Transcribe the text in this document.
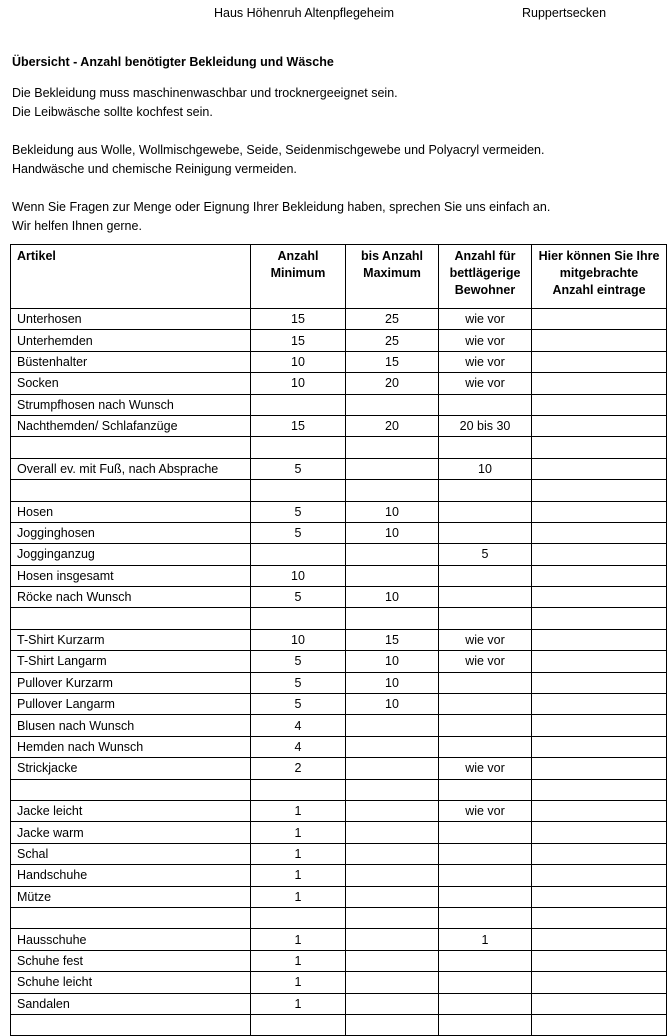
Haus Höhenruh Altenpflegeheim	Ruppertsecken
Übersicht - Anzahl benötigter Bekleidung und Wäsche
Die Bekleidung muss maschinenwaschbar und trocknergeeignet sein.
Die Leibwäsche sollte kochfest sein.
Bekleidung aus Wolle, Wollmischgewebe, Seide, Seidenmischgewebe und Polyacryl vermeiden.
Handwäsche und chemische Reinigung vermeiden.
Wenn Sie Fragen zur Menge oder Eignung Ihrer Bekleidung haben, sprechen Sie uns einfach an.
Wir helfen Ihnen gerne.
Artikel	Anzahl Minimum	bis Anzahl Maximum	Anzahl für bettlägerige Bewohner	Hier können Sie Ihre mitgebrachte Anzahl eintrage
Unterhosen	15	25	wie vor	
Unterhemden	15	25	wie vor	
Büstenhalter	10	15	wie vor	
Socken	10	20	wie vor	
Strumpfhosen nach Wunsch				
Nachthemden/ Schlafanzüge	15	20	20 bis 30	

Overall ev. mit Fuß, nach Absprache	5		10	

Hosen	5	10		
Jogginghosen	5	10		
Jogginganzug			5	
Hosen insgesamt	10			
Röcke nach Wunsch	5	10		

T-Shirt Kurzarm	10	15	wie vor	
T-Shirt Langarm	5	10	wie vor	
Pullover Kurzarm	5	10		
Pullover Langarm	5	10		
Blusen nach Wunsch	4			
Hemden nach Wunsch	4			
Strickjacke	2		wie vor	

Jacke leicht	1		wie vor	
Jacke warm	1			
Schal	1			
Handschuhe	1			
Mütze	1			

Hausschuhe	1		1	
Schuhe fest	1			
Schuhe leicht	1			
Sandalen	1			
